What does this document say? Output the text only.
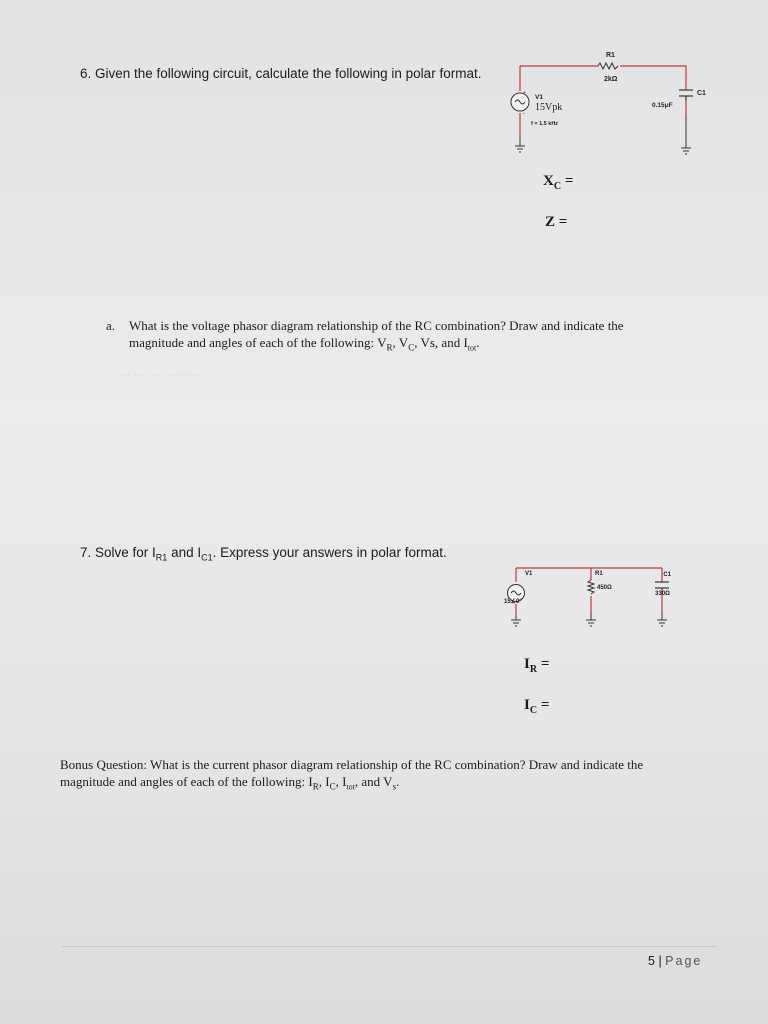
··· ··· ··· ··· ··· ···
6. Given the following circuit, calculate the following in polar format.
+
-
R1
2kΩ
C1
0.15μF
V1
15Vpk
f = 1.5 kHz
$X_C$ =
Z =
a. What is the voltage phasor diagram relationship of the RC combination? Draw and indicate the
magnitude and angles of each of the following: $V_R$, $V_C$, Vs, and $I_{tot}$.
7. Solve for $I_{R1}$ and $I_{C1}$. Express your answers in polar format.
V1
15∠0°
R1
450Ω
C1
330Ω
$I_R$ =
$I_C$ =
Bonus Question: What is the current phasor diagram relationship of the RC combination? Draw and indicate the
magnitude and angles of each of the following: $I_R$, $I_C$, $I_{tot}$, and $V_s$.
5 | Page
